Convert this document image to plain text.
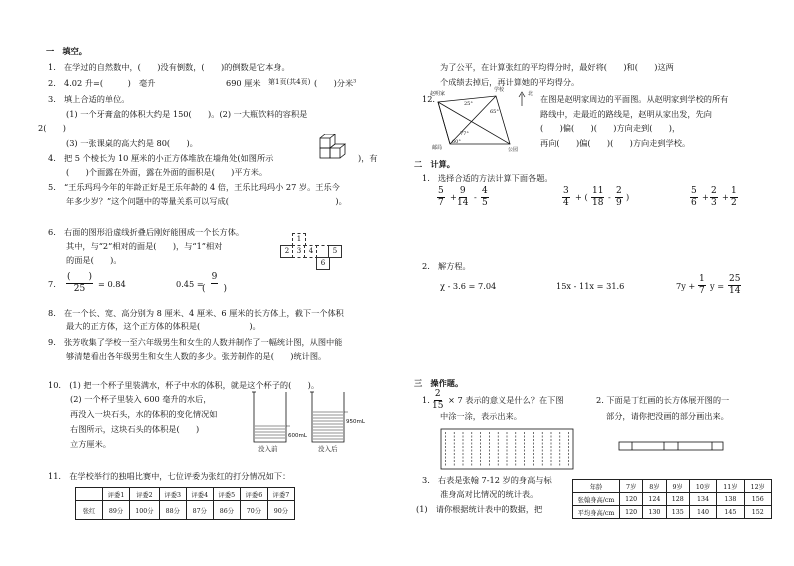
一　填空。
1.　在学过的自然数中，(　　)没有倒数，(　　)的倒数是它本身。
2.　4.02 升=(　　　)　毫升	690 厘米 第1页(共4页) (　　)分米$^3$
3.　填上合适的单位。
(1) 一个牙膏盒的体积大约是 150(　　)。(2) 一大瓶饮料的容积是
2(　　)
(3) 一张课桌的高大约是 80(　　)。
4.　把 5 个棱长为 10 厘米的小正方体堆放在墙角处(如图所示	)，有
(　　)个面露在外面，露在外面的面积是(　　)平方米。
5.　“王乐玛玛今年的年龄正好是王乐年龄的 4 倍，王乐比玛玛小 27 岁。王乐今
年多少岁？”这个问题中的等量关系可以写成(　　　　　　　　　　　　　)。
6.　右面的图形沿虚线折叠后刚好能围成一个长方体。
其中，与“2”相对的面是(　　)，与“1”相对
的面是(　　)。
1
2	3	4	5
6
7.
(　　)
25 = 0.84	0.45 =
9
(　　)
8.　在一个长、宽、高分别为 8 厘米、4 厘米、6 厘米的长方体上，截下一个体积
最大的正方体，这个正方体的体积是(　　　　　　)。
9.　张芳收集了学校一至六年级男生和女生的人数并制作了一幅统计图，从图中能
够清楚看出各年级男生和女生人数的多少。张芳制作的是(　　)统计图。
10.　(1) 把一个杯子里装满水，杯子中水的体积，就是这个杯子的(　　)。
(2) 一个杯子里装入 600 毫升的水后，
再没入一块石头，水的体积的变化情况如
右图所示，这块石头的体积是(　　)
立方厘米。
600mL
950mL
没入前	没入后
11.　在学校举行的独唱比赛中，七位评委为张红的打分情况如下：
	评委1	评委2	评委3	评委4	评委5	评委6	评委7
张红	89分	100分	88分	87分	86分	70分	90分
为了公平，在计算张红的平均得分时，最好将(　　)和(　　)这两
个成绩去掉后，再计算她的平均得分。
12.
赵明家
学校
邮局	公园
北
25°
65°
77°
60°
在图是赵明家周边的平面图。从赵明家到学校的所有
路线中，走最近的路线是，赵明从家出发，先向
(　　)偏(　　)(　　)方向走到(　　)，
再向(　　)偏(　　)(　　)方向走到学校。
二　计算。
1.　选择合适的方法计算下面各题。
$\frac{5}{7} + \frac{9}{14} - \frac{4}{5}$	$\frac{3}{4}$ + ( $\frac{11}{18} - \frac{2}{9}$ )	$\frac{5}{6} + \frac{2}{3} + \frac{1}{2}$
2.　解方程。
χ - 3.6 = 7.04	15x - 11x = 31.6	$7y + \frac{1}{7}$ $y = \frac{25}{14}$
三　操作题。
1. $\frac{2}{15} \times 7$ 表示的意义是什么？在下图
中涂一涂，表示出来。
2. 下面是丁红画的长方体展开图的一
部分，请你把没画的部分画出来。
3.　右表是张翰 7-12 岁的身高与标
准身高对比情况的统计表。
(1)　请你根据统计表中的数据，把
年龄	7岁	8岁	9岁	10岁	11岁	12岁
张翰身高/cm	120	124	128	134	138	156
平均身高/cm	120	130	135	140	145	152
